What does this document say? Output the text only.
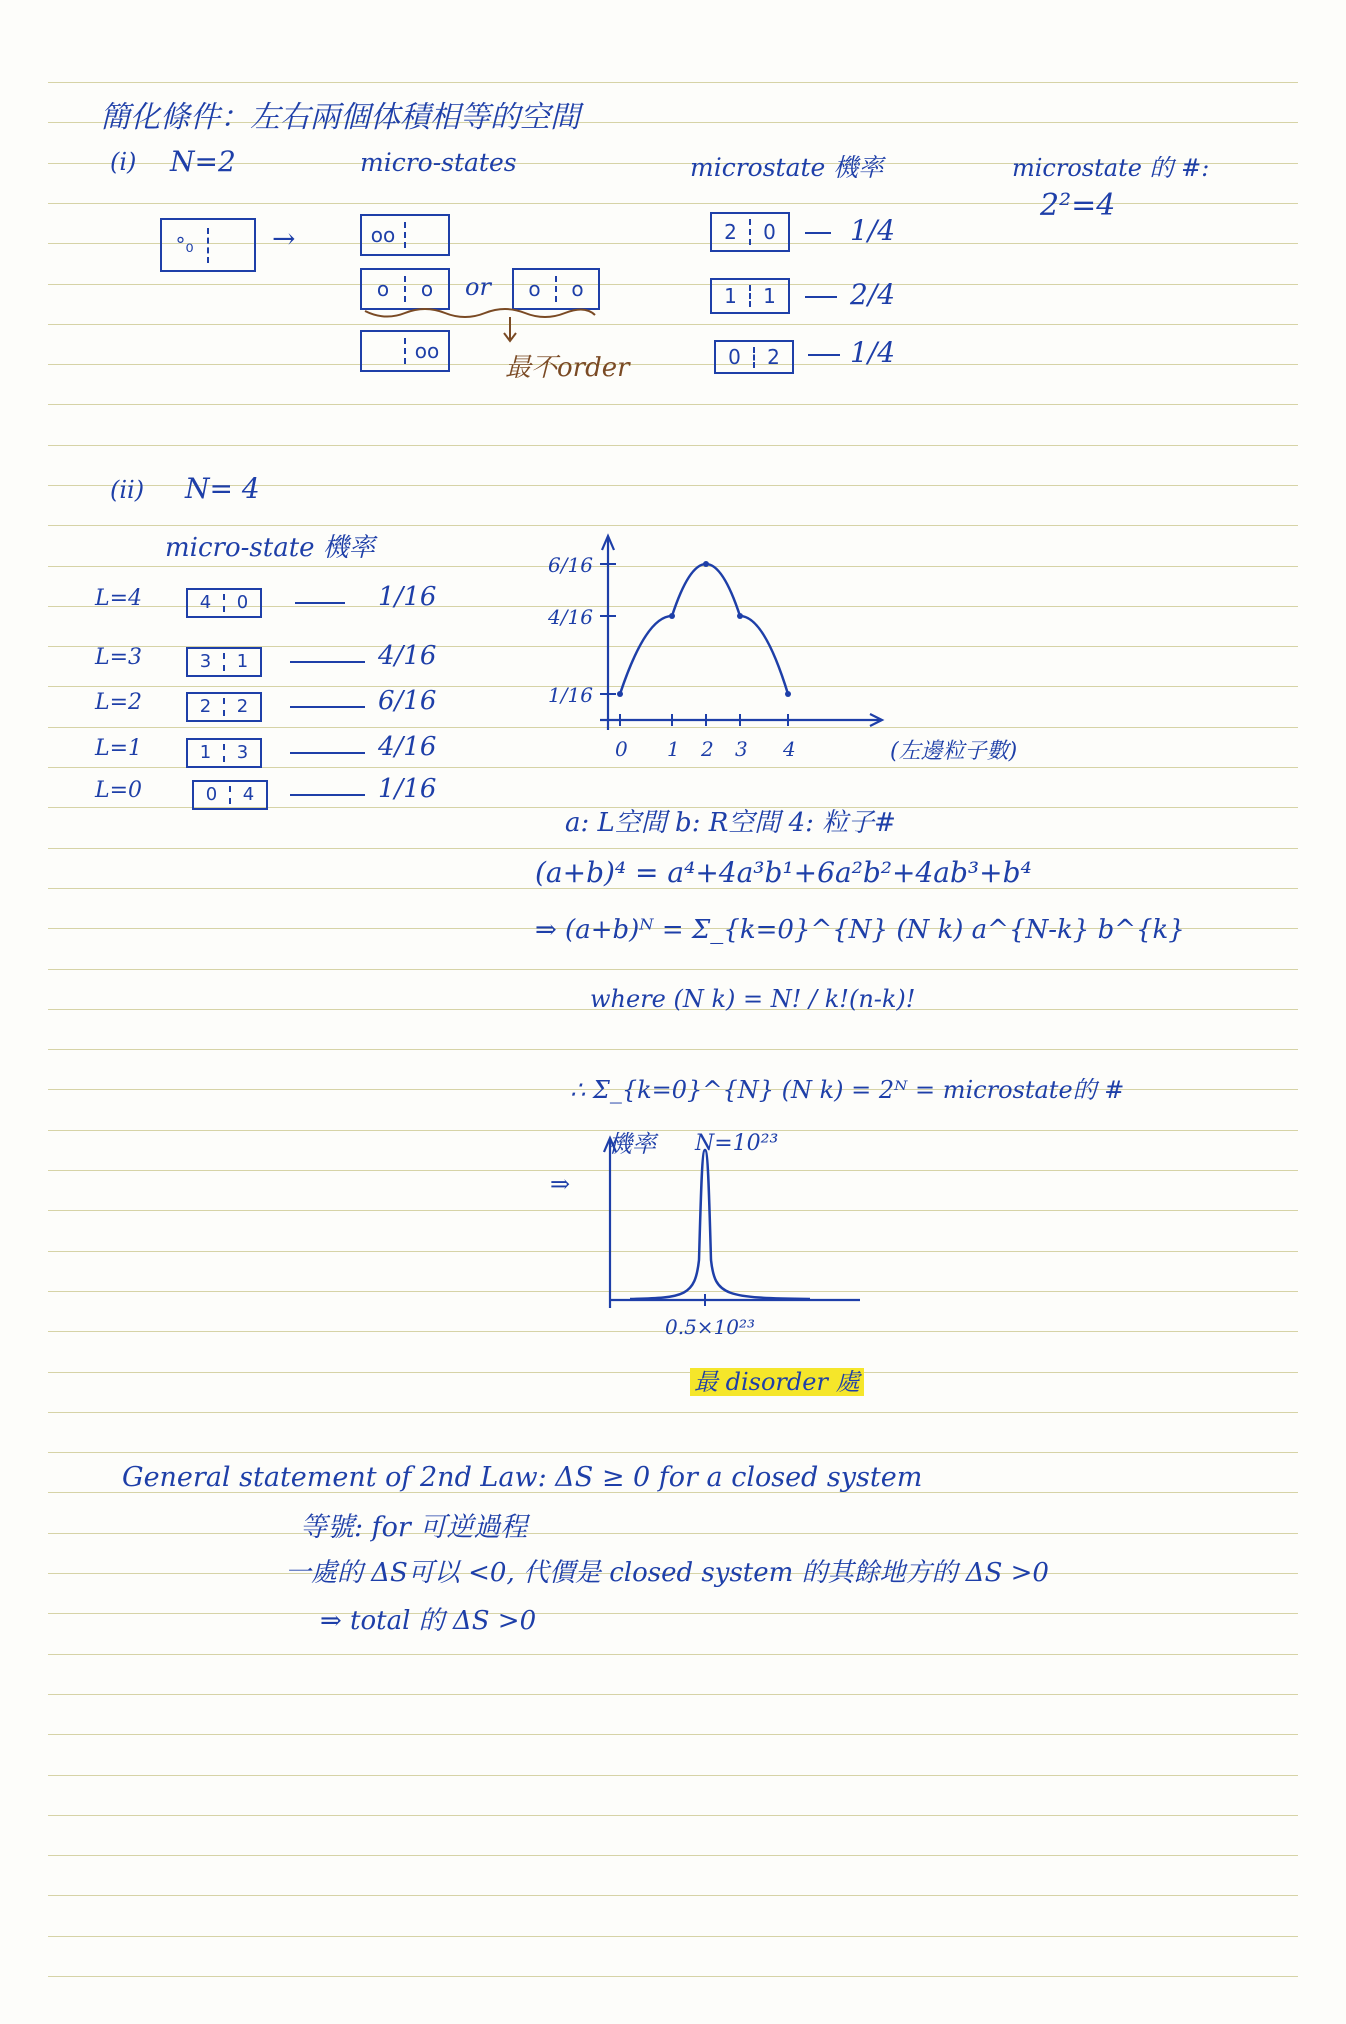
簡化條件：左右兩個体積相等的空間
(i) N=2	micro-states	microstate 機率	microstate 的 #:
2²=4
°₀	→	oo
o	o	or	o	o
oo
最不order
2	0	1/4
1	1	2/4
0	2	1/4
(ii) N= 4
micro-state 機率
L=4	4	0	1/16
L=3	3	1	4/16
L=2	2	2	6/16
L=1	1	3	4/16
L=0	0	4	1/16
0 1 2 3 4	(左邊粒子數)
6/16
4/16
1/16
a: L空間 b: R空間 4: 粒子#
(a+b)⁴ = a⁴+4a³b¹+6a²b²+4ab³+b⁴
⇒ (a+b)ᴺ = Σ_{k=0}^{N} (N k) a^{N-k} b^{k}
where (N k) = N! / k!(n-k)!
∴ Σ_{k=0}^{N} (N k) = 2ᴺ = microstate的 #
⇒
機率 N=10²³
0.5×10²³
最 disorder 處
General statement of 2nd Law: ΔS ≥ 0 for a closed system
等號: for 可逆過程
一處的 ΔS可以 <0, 代價是 closed system 的其餘地方的 ΔS >0
⇒ total 的 ΔS >0
